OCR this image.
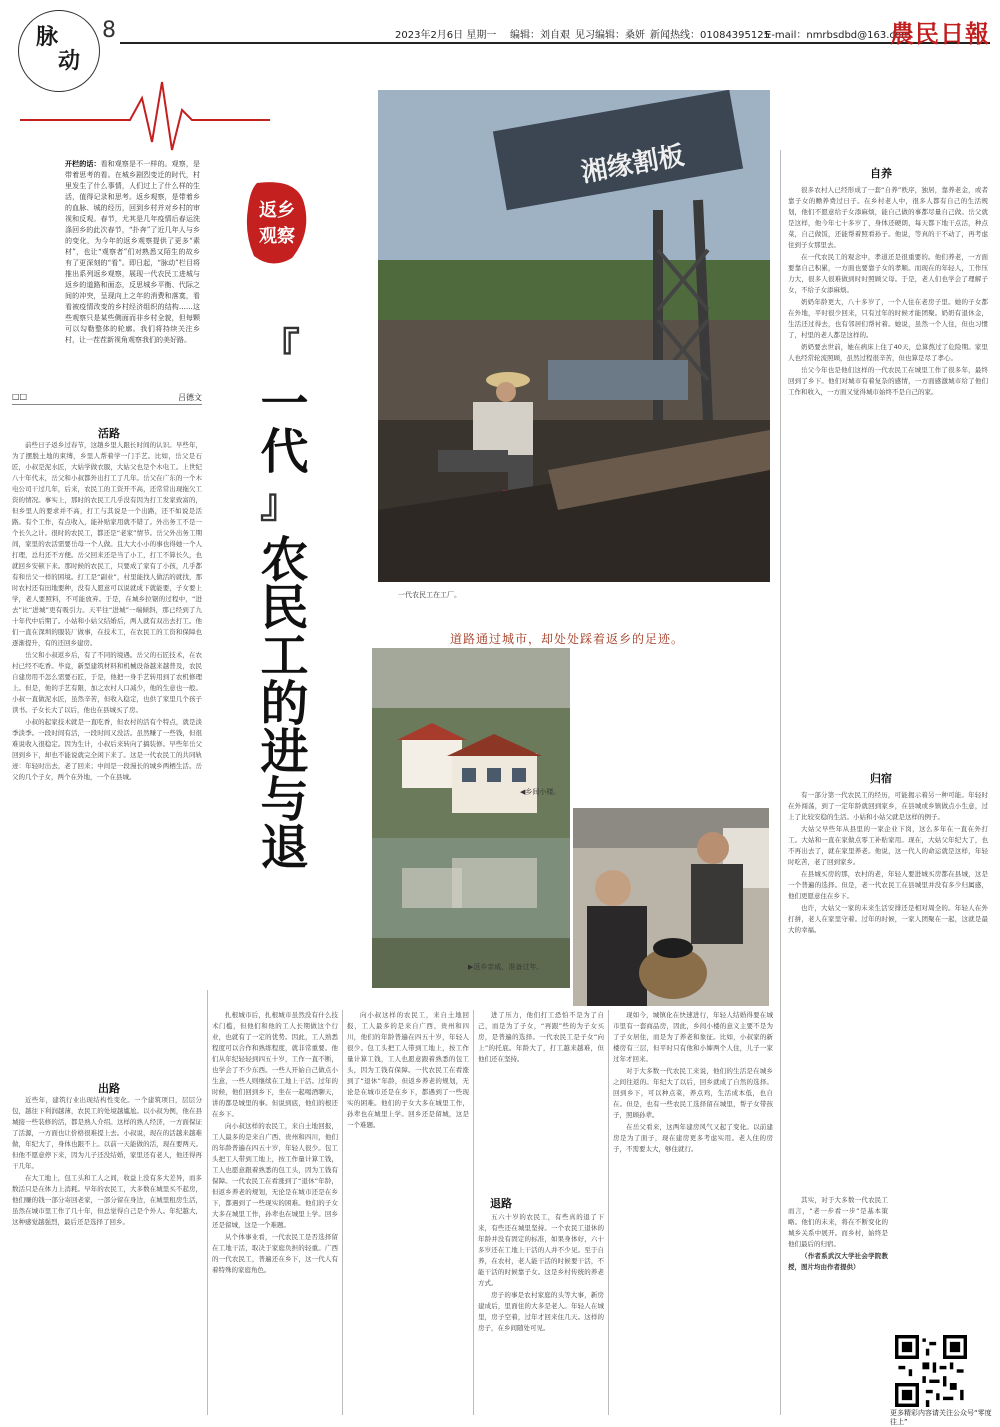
脉
动
8	2023年2月6日 星期一 编辑：刘自艰 见习编辑：桑妍 新闻热线：01084395125
E-mail：nmrbsdbd@163.com
農民日報
开栏的话：看和观察是不一样的。观察，是带着思考的看。在城乡剧烈变迁的时代，村里发生了什么事情，人们过上了什么样的生活，值得记录和思考。返乡观察，是带着乡的血脉、城的经历，回到乡村并对乡村的审视和反观。春节，尤其是几年疫情后春运洗涤回乡的此次春节，“扑奔”了近几年人与乡的变化，为今年的返乡观察提供了更多“素材”，也让“观察者”们对熟悉又陌生的故乡有了更深刻的“看”。即日起，“脉动”栏目将推出系列返乡观察，展现一代农民工进城与返乡的道路和面态，反思城乡平衡、代际之间的冲突，呈现向上之年的消费和落寞，看看被疫情改变的乡村经济组织的结构……这些观察只是某些侧面而非乡村全貌，但每颗可以勾勒整体的轮廓。我们将持续关注乡村，让一茬茬新视角观察我们的美好路。
□□	吕德文
返乡
观察
『
一代
』
农民工的进与退
湘缘割板
一代农民工在工厂。
道路通过城市，却处处踩着返乡的足迹。
◀乡间小楼。
▶返乡亲戚，准备过年。
活路
出路
退路
自养
归宿

前些日子返乡过春节，这趟乡里人跟长时间的认识。早些年，为了摆脱土地的束缚，乡里人帮着学一门手艺。比如，岳父是石匠，小叔是泥水匠，大姑学做衣服，大姑父也是个木电工。上世纪八十年代末，岳父和小叔都外出打工了几年。岳父在广东的一个木电公司干过几年，后来，农民工的工资开不高，还常常出现拖欠工资的情况。事实上，那时的农民工几乎没有因为打工发家致富的，但乡里人的要求并不高，打工与其说是一个出路，还不如说是活路。有个工作，有点收入，能补贴家用就不错了。外出务工不是一个长久之计。很时的农民工，都还是“老家”情节。岳父外出务工期间，家里的农活需要岳母一个人做。且大大小小的事也得她一个人打理，总归还不方便。岳父回来还是当了小工，打工不算长久，也就回乡安顿下来。那时候的农民工，只要成了家有了小孩，几乎都有和岳父一样的困境。打工是“副业”，村里能找人做活的就找，那时农村还有田地要种，没有人愿意可以说就成下就能要，子女要上学，老人要照料，不可能放弃。于是，在城乡拉锯的过程中，“进去”比“进城”更有吸引力。天平往“进城”一端倾斜，那已经到了九十年代中后期了。小姑和小姑父结婚后，两人就有双出去打工。他们一直在深圳的服装厂做事，在技术工，在农民工的工资和保障也逐渐提升，有的还回乡建房。

岳父和小叔返乡后，有了不同的境遇。岳父的石匠技术，在农村已经不吃香。毕竟，新型建筑材料和机械设备越来越普及，农民自建房用不怎么需要石匠，于是，他把一身手艺转用到了农机修理上。但是，他的手艺有限，加之农村人口减少，他的生意也一般。小叔一直做泥水匠，虽然辛苦，但收入稳定，也供了家里几个孩子读书。子女长大了以后，他也在县城买了房。

小叔的起家技术就是一直吃香，但农村的活有个特点，就是淡季淡季。一段时间有活，一段时间又没活。虽然赚了一些钱，但很难说收入很稳定。因为生计，小叔后来转向了搞装修。早些年岳父回到乡下，却也不能说就完全闲下来了。这是一代农民工的共同轨迹：年轻时出去，老了回来；中间是一段漫长的城乡两栖生活。岳父的几个子女，两个在外地，一个在县城。

近些年，建筑行业出现结构性变化。一个建筑项目，层层分包，越往下利润越薄，农民工的处境越尴尬。以小叔为例，他在县城接一些装修的活，都是熟人介绍。这样的熟人经济，一方面保证了活源，一方面也让价格很难提上去。小叔说，现在的活越来越难做，年纪大了，身体也跟不上。以前一天能做的活，现在要两天。但他不愿意停下来，因为儿子还没结婚，家里还有老人，他还得再干几年。

在大工地上，包工头和工人之间，收益上没有多大差异，而多数活只是在体力上消耗。早年的农民工，大多数在城里买不起房，他们赚的钱一部分寄回老家，一部分留在身边，在城里租房生活，虽然在城市里工作了几十年，但总觉得自己是个外人。年纪越大，这种感觉越强烈，最后还是选择了回乡。

扎根城市后，扎根城市虽然没有什么技术门槛，但他们和他的工人长期做这个行业，也就有了一定的优势。因此，工人熟悉程度可以合作和熟练程度，就非常重要。他们从年纪轻轻到四五十岁，工作一直不断，也学会了不少东西。一些人开始自己做点小生意，一些人则继续在工地上干活。过年的时候，他们回到乡下，坐在一起喝酒聊天，讲的都是城里的事。但说到底，他们的根还在乡下。

向小叔这样的农民工，来自土地回报，工人最多的是来自广西、贵州和四川，他们的年龄普遍在四五十岁，年轻人很少。包工头把工人带到工地上，按工作量计算工钱，工人也愿意跟着熟悉的包工头，因为工钱有保障。一代农民工在看涨到了“退休”年龄，但返乡养老的规划，无论是在城市还是在乡下，都遇到了一些现实的困难。他们的子女大多在城里工作，孙辈也在城里上学。回乡还是留城，这是一个难题。

从个体事业看，一代农民工是否选择留在工地干活，取决于家庭负担的轻重。广西的一代农民工，普遍还在乡下，这一代人有着特殊的家庭角色。

向小叔这样的农民工，来自土地回报，工人最多的是来自广西、贵州和四川，他们的年龄普遍在四五十岁，年轻人很少。包工头把工人带到工地上，按工作量计算工钱，工人也愿意跟着熟悉的包工头，因为工钱有保障。一代农民工在看涨到了“退休”年龄，但返乡养老的规划，无论是在城市还是在乡下，都遇到了一些现实的困难。他们的子女大多在城里工作，孙辈也在城里上学。回乡还是留城，这是一个难题。

进了压力，他们打工恐怕不是为了自己，而是为了子女，“再跟”些的为子女买房，是普遍的选择。一代农民工是子女“向上”的托底。年龄大了，打工越来越难，但他们还在坚持。

五六十岁的农民工，有些真的退了下来，有些还在城里坚持。一个农民工退休的年龄并没有固定的标准，如果身体好，六十多岁还在工地上干活的人并不少见。至于自养，在农村，老人能干活的时候要干活，不能干活的时候靠子女。这是乡村传统的养老方式。

房子的事是农村家庭的头等大事，新房建成后，里面住的大多是老人。年轻人在城里，房子空着，过年才回来住几天。这样的房子，在乡间随处可见。

现如今，城镇化在快速进行，年轻人结婚得要在城市里有一套商品房，因此，乡间小楼的意义主要不是为了子女居住，而是为了养老和象征。比如，小叔家的新楼房有三层，但平时只有他和小婶两个人住，儿子一家过年才回来。

对于大多数一代农民工来说，他们的生活是在城乡之间往返的。年纪大了以后，回乡就成了自然的选择。回到乡下，可以种点菜，养点鸡，生活成本低，也自在。但是，也有一些农民工选择留在城里，帮子女带孩子，照顾孙辈。

在岳父看来，这两年建房风气又起了变化。以前建房是为了面子，现在建房更多考虑实用。老人住的房子，不需要太大，够住就行。

很多农村人已经形成了一套“自养”秩序，独居，靠养老金，或者靠子女的赡养费过日子。在乡村老人中，很多人都有自己的生活规划，他们不愿意给子女添麻烦，能自己做的事都尽量自己做。岳父就是这样，他今年七十多岁了，身体还硬朗，每天都下地干点活，种点菜，自己做饭，还能帮着照看孙子。他说，等真的干不动了，再考虑住到子女那里去。

在一代农民工的观念中，孝道还是很重要的。他们养老，一方面要靠自己积累，一方面也要靠子女的孝顺。而现在的年轻人，工作压力大，很多人很难做到时时照顾父母。于是，老人们也学会了理解子女，不给子女添麻烦。

奶奶年龄更大，八十多岁了，一个人住在老房子里。她的子女都在外地，平时很少回来，只有过年的时候才能团聚。奶奶有退休金，生活还过得去，也有邻居们帮衬着。她说，虽然一个人住，但也习惯了，村里的老人都是这样的。

奶奶要去世前，她在病床上住了40天，总算熬过了危险期。家里人也经常轮流照顾，虽然过程很辛苦，但也算是尽了孝心。

岳父今年也是他们这样的一代农民工在城里工作了很多年，最终回到了乡下。他们对城市有着复杂的感情，一方面感激城市给了他们工作和收入，一方面又觉得城市始终不是自己的家。

有一部分第一代农民工的经历，可能揭示着另一种可能。年轻时在外闯荡，到了一定年龄就回到家乡，在县城或乡镇做点小生意，过上了比较安稳的生活。小姑和小姑父就是这样的例子。

大姑父早些年从县里的一家企业下岗，这么多年在一直在外打工。大姑和一直在家做点零工补贴家用。现在，大姑父年纪大了，也不再出去了，就在家里养老。他说，这一代人的命运就是这样，年轻时吃苦，老了回到家乡。

在县城买房的那，农村的老，年轻人要进城买房都在县城，这是一个普遍的选择。但是，老一代农民工在县城里并没有多少归属感，他们更愿意住在乡下。

也许，大姑父一家的未来生活安排还是相对周全的。年轻人在外打拼，老人在家里守着。过年的时候，一家人团聚在一起，这就是最大的幸福。

其实，对于大多数一代农民工而言，“老一步看一步”是基本策略。他们的未来，将在不断变化的城乡关系中展开。而乡村，始终是他们最后的归宿。

（作者系武汉大学社会学院教授，图片均由作者提供）

更多精彩内容请关注公众号“零度往上”
